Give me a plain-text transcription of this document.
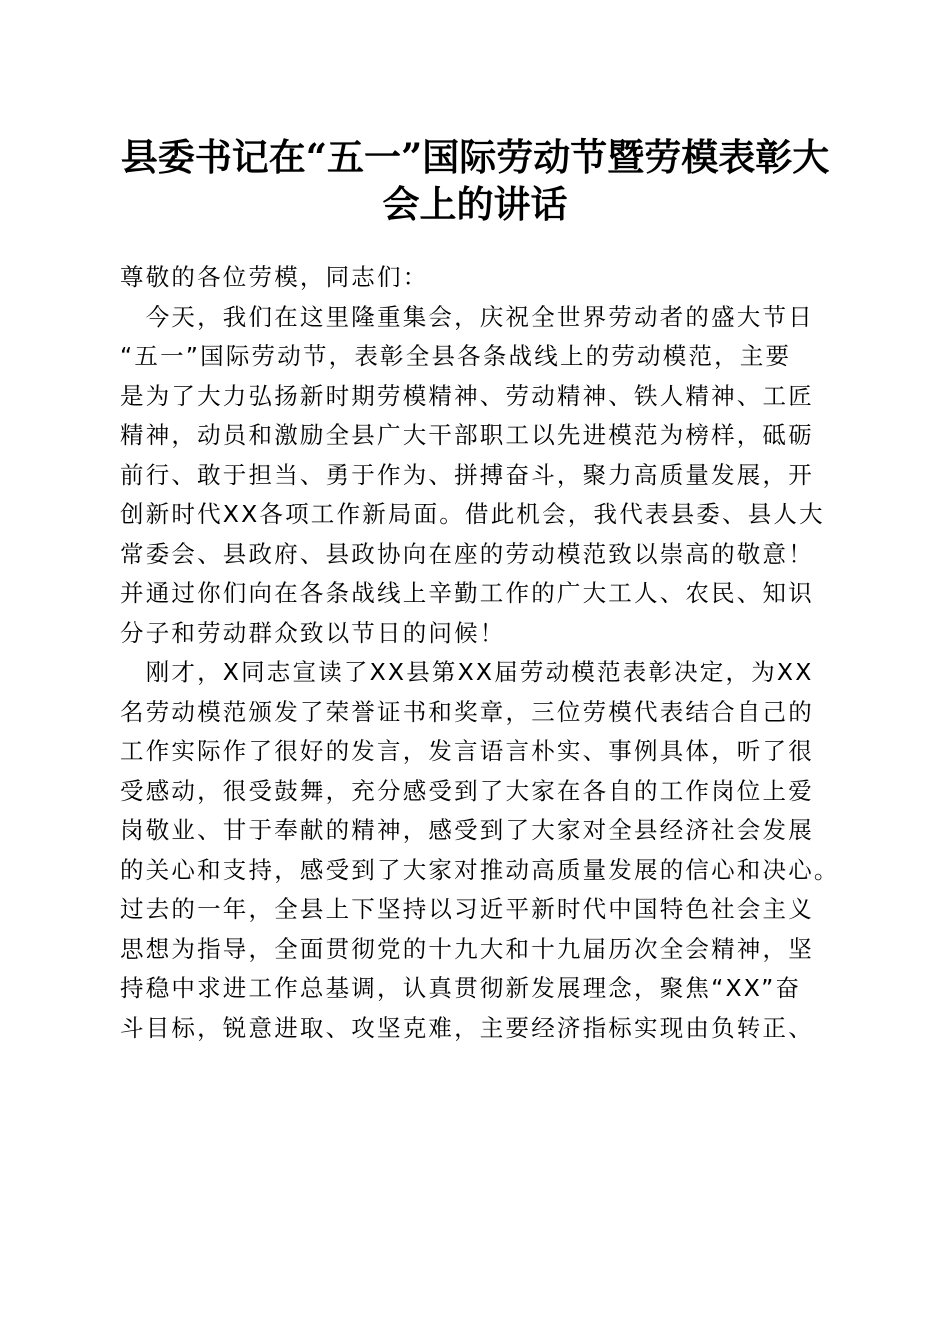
县委书记在“五一”国际劳动节暨劳模表彰大
会上的讲话
尊敬的各位劳模，同志们：
　今天，我们在这里隆重集会，庆祝全世界劳动者的盛大节日
“五一”国际劳动节，表彰全县各条战线上的劳动模范，主要
是为了大力弘扬新时期劳模精神、劳动精神、铁人精神、工匠
精神，动员和激励全县广大干部职工以先进模范为榜样，砥砺
前行、敢于担当、勇于作为、拼搏奋斗，聚力高质量发展，开
创新时代XX各项工作新局面。借此机会，我代表县委、县人大
常委会、县政府、县政协向在座的劳动模范致以崇高的敬意！
并通过你们向在各条战线上辛勤工作的广大工人、农民、知识
分子和劳动群众致以节日的问候！
　刚才，X同志宣读了XX县第XX届劳动模范表彰决定，为XX
名劳动模范颁发了荣誉证书和奖章，三位劳模代表结合自己的
工作实际作了很好的发言，发言语言朴实、事例具体，听了很
受感动，很受鼓舞，充分感受到了大家在各自的工作岗位上爱
岗敬业、甘于奉献的精神，感受到了大家对全县经济社会发展
的关心和支持，感受到了大家对推动高质量发展的信心和决心。
过去的一年，全县上下坚持以习近平新时代中国特色社会主义
思想为指导，全面贯彻党的十九大和十九届历次全会精神，坚
持稳中求进工作总基调，认真贯彻新发展理念，聚焦“XX”奋
斗目标，锐意进取、攻坚克难，主要经济指标实现由负转正、
